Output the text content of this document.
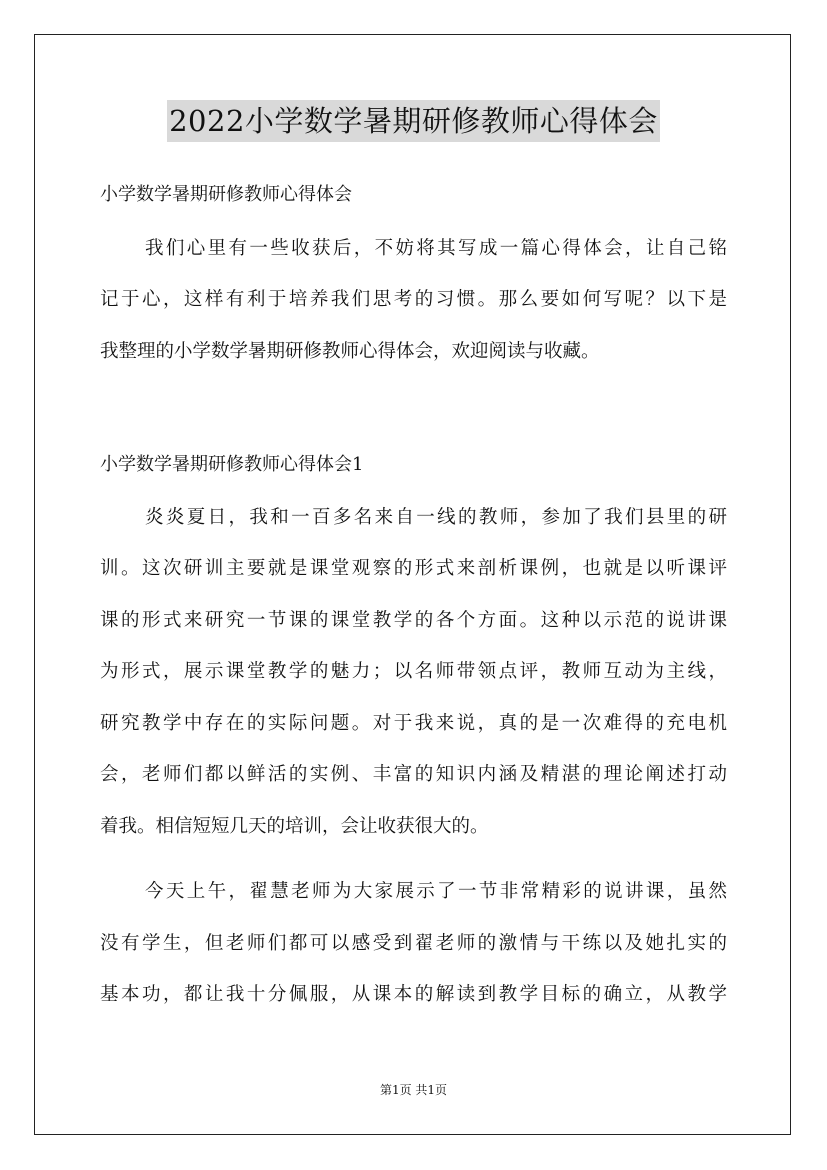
2022小学数学暑期研修教师心得体会
小学数学暑期研修教师心得体会
我们心里有一些收获后，不妨将其写成一篇心得体会，让自己铭
记于心，这样有利于培养我们思考的习惯。那么要如何写呢？以下是
我整理的小学数学暑期研修教师心得体会，欢迎阅读与收藏。
小学数学暑期研修教师心得体会1
炎炎夏日，我和一百多名来自一线的教师，参加了我们县里的研
训。这次研训主要就是课堂观察的形式来剖析课例，也就是以听课评
课的形式来研究一节课的课堂教学的各个方面。这种以示范的说讲课
为形式，展示课堂教学的魅力；以名师带领点评，教师互动为主线，
研究教学中存在的实际问题。对于我来说，真的是一次难得的充电机
会，老师们都以鲜活的实例、丰富的知识内涵及精湛的理论阐述打动
着我。相信短短几天的培训，会让收获很大的。
今天上午，翟慧老师为大家展示了一节非常精彩的说讲课，虽然
没有学生，但老师们都可以感受到翟老师的激情与干练以及她扎实的
基本功，都让我十分佩服，从课本的解读到教学目标的确立，从教学
第1页 共1页
